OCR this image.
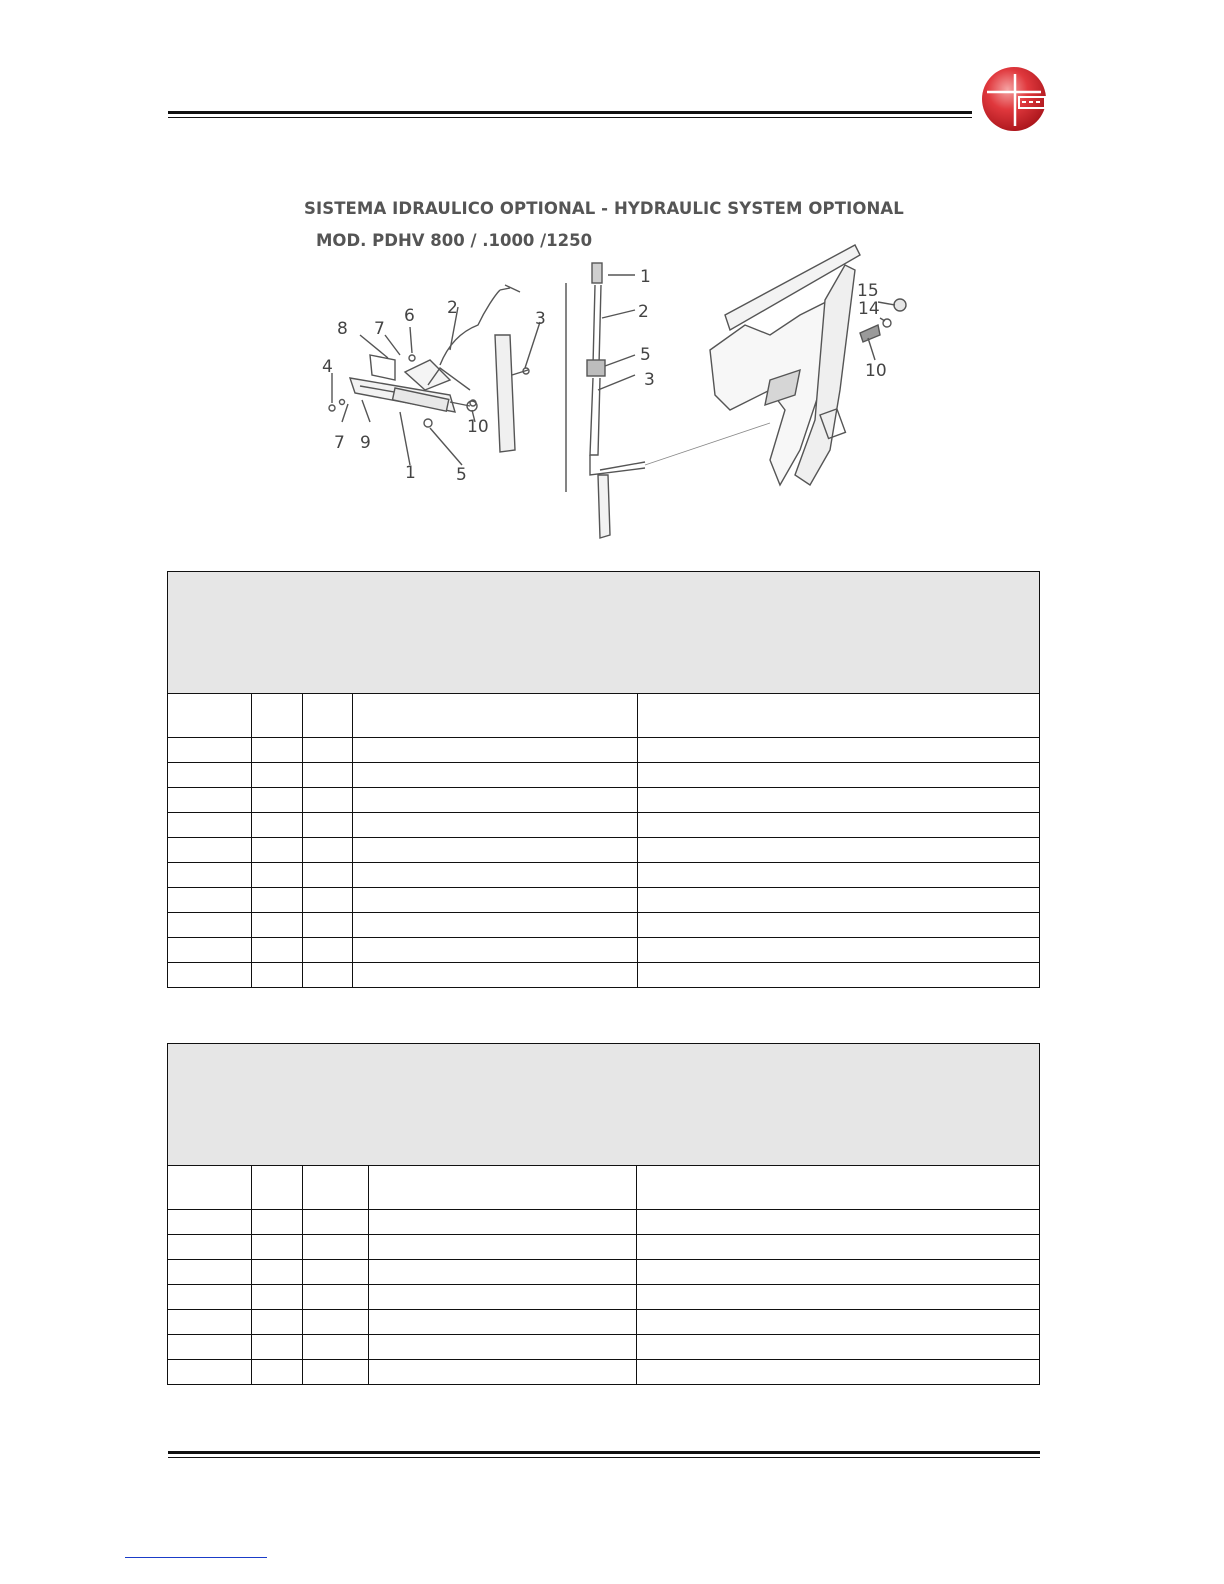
SISTEMA IDRAULICO OPTIONAL - HYDRAULIC SYSTEM OPTIONAL
MOD. PDHV 800 / .1000 /1250
8 7
6 2
3
4
7 9
1
10
5
1
2
5
3
15
14
10
